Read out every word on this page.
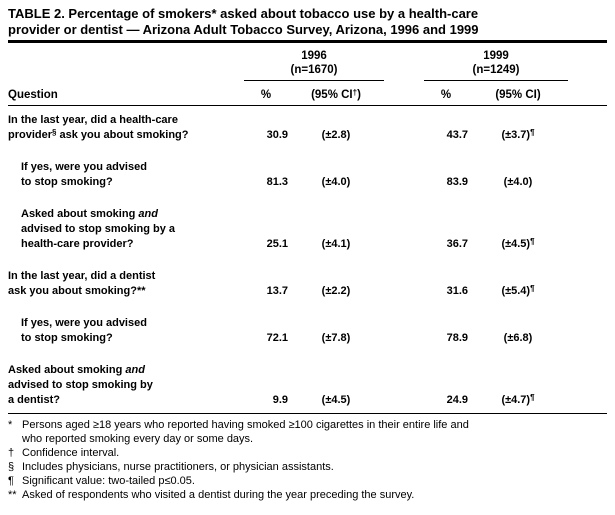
TABLE 2. Percentage of smokers* asked about tobacco use by a health-care
provider or dentist — Arizona Adult Tobacco Survey, Arizona, 1996 and 1999
1996
(n=1670)
1999
(n=1249)
Question	%	(95% CI†)	%	(95% CI)
In the last year, did a health-care
provider§ ask you about smoking?	30.9	(±2.8)	43.7	(±3.7)¶
If yes, were you advised
to stop smoking?	81.3	(±4.0)	83.9	(±4.0)
Asked about smoking and
advised to stop smoking by a
health-care provider?	25.1	(±4.1)	36.7	(±4.5)¶
In the last year, did a dentist
ask you about smoking?**	13.7	(±2.2)	31.6	(±5.4)¶
If yes, were you advised
to stop smoking?	72.1	(±7.8)	78.9	(±6.8)
Asked about smoking and
advised to stop smoking by
a dentist?	9.9	(±4.5)	24.9	(±4.7)¶
* Persons aged ≥18 years who reported having smoked ≥100 cigarettes in their entire life and
who reported smoking every day or some days.
† Confidence interval.
§ Includes physicians, nurse practitioners, or physician assistants.
¶ Significant value: two-tailed p≤0.05.
** Asked of respondents who visited a dentist during the year preceding the survey.
